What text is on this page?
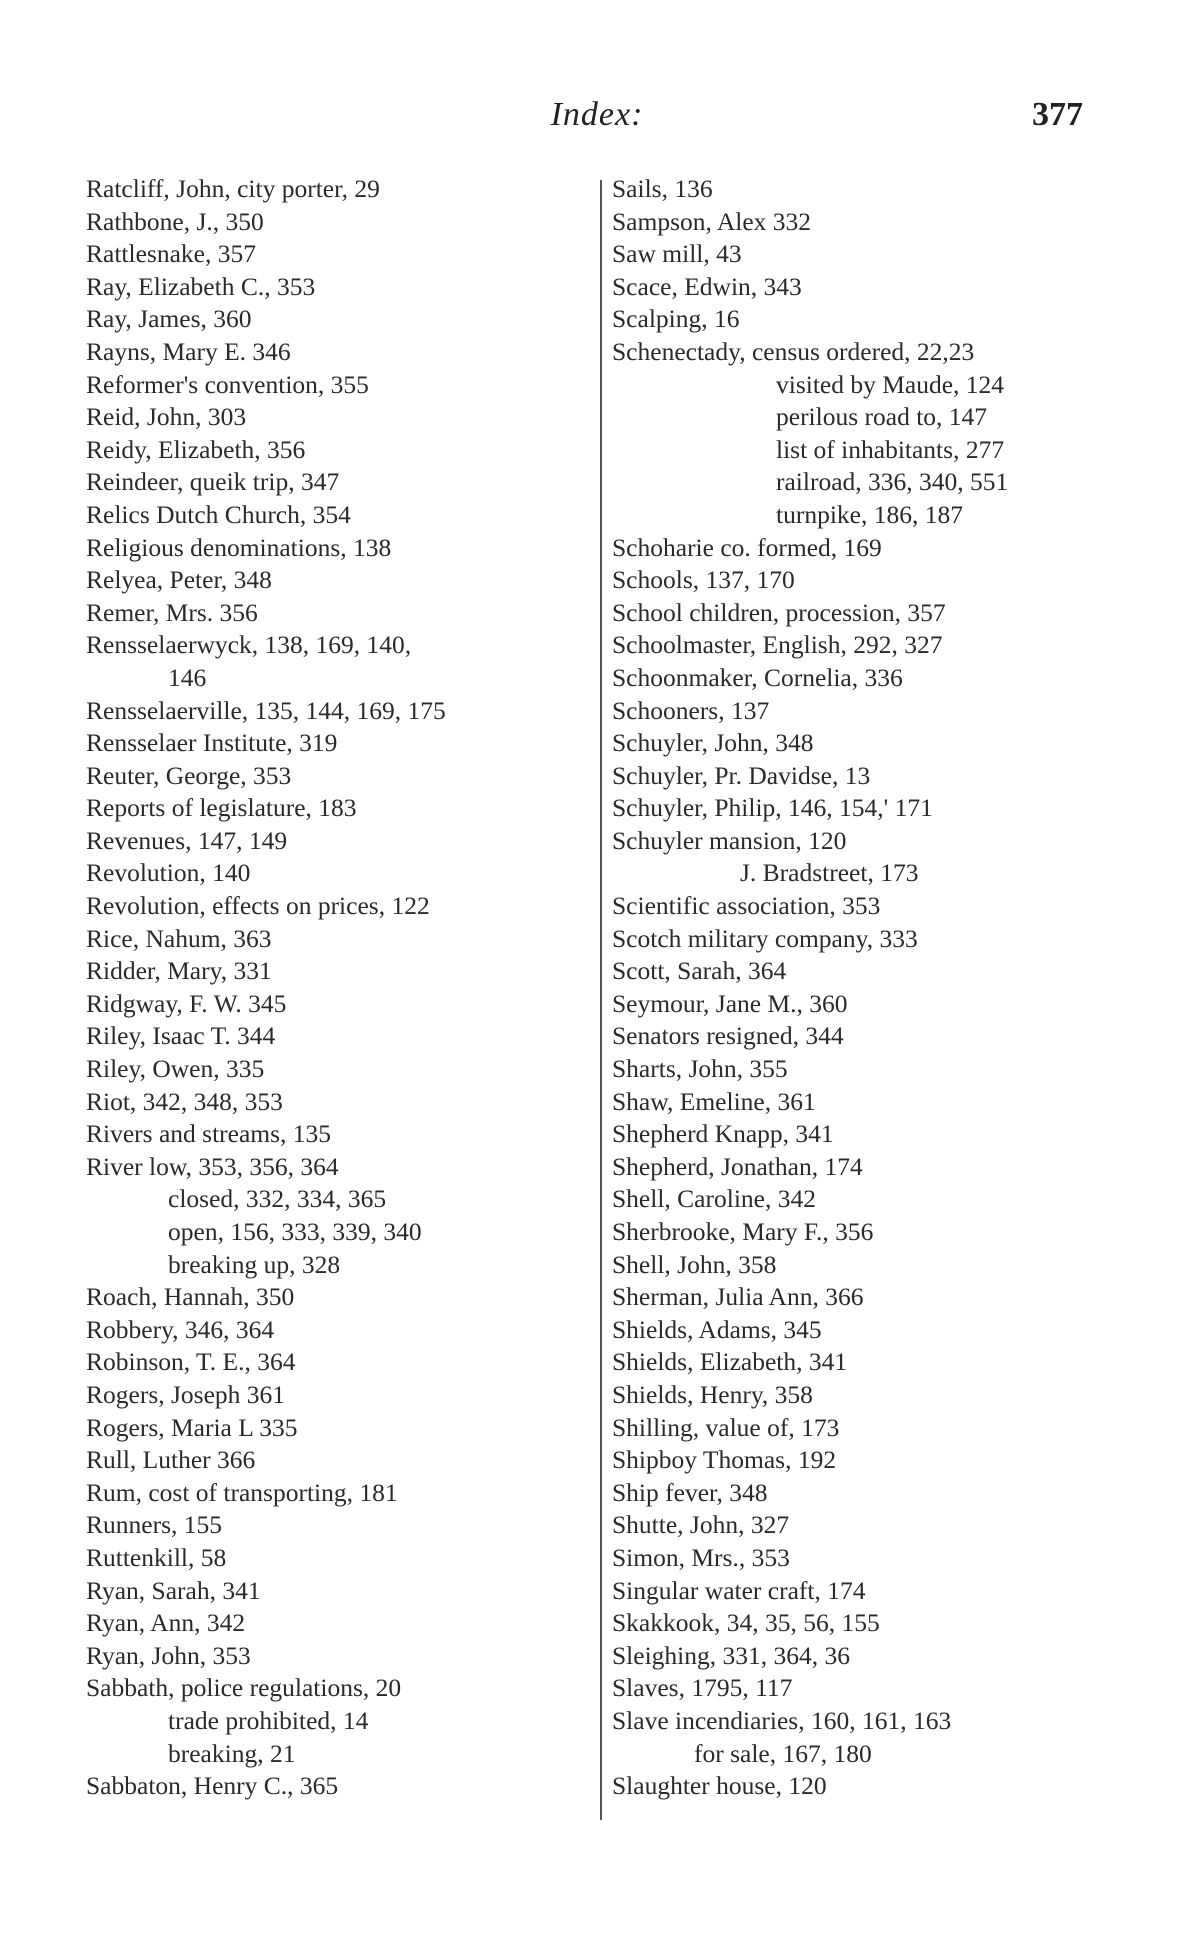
Index:	377
Ratcliff, John, city porter, 29
Rathbone, J., 350
Rattlesnake, 357
Ray, Elizabeth C., 353
Ray, James, 360
Rayns, Mary E. 346
Reformer's convention, 355
Reid, John, 303
Reidy, Elizabeth, 356
Reindeer, queik trip, 347
Relics Dutch Church, 354
Religious denominations, 138
Relyea, Peter, 348
Remer, Mrs. 356
Rensselaerwyck, 138, 169, 140,
146
Rensselaerville, 135, 144, 169, 175
Rensselaer Institute, 319
Reuter, George, 353
Reports of legislature, 183
Revenues, 147, 149
Revolution, 140
Revolution, effects on prices, 122
Rice, Nahum, 363
Ridder, Mary, 331
Ridgway, F. W. 345
Riley, Isaac T. 344
Riley, Owen, 335
Riot, 342, 348, 353
Rivers and streams, 135
River low, 353, 356, 364
closed, 332, 334, 365
open, 156, 333, 339, 340
breaking up, 328
Roach, Hannah, 350
Robbery, 346, 364
Robinson, T. E., 364
Rogers, Joseph 361
Rogers, Maria L 335
Rull, Luther 366
Rum, cost of transporting, 181
Runners, 155
Ruttenkill, 58
Ryan, Sarah, 341
Ryan, Ann, 342
Ryan, John, 353
Sabbath, police regulations, 20
trade prohibited, 14
breaking, 21
Sabbaton, Henry C., 365
Sails, 136
Sampson, Alex 332
Saw mill, 43
Scace, Edwin, 343
Scalping, 16
Schenectady, census ordered, 22,23
visited by Maude, 124
perilous road to, 147
list of inhabitants, 277
railroad, 336, 340, 551
turnpike, 186, 187
Schoharie co. formed, 169
Schools, 137, 170
School children, procession, 357
Schoolmaster, English, 292, 327
Schoonmaker, Cornelia, 336
Schooners, 137
Schuyler, John, 348
Schuyler, Pr. Davidse, 13
Schuyler, Philip, 146, 154,' 171
Schuyler mansion, 120
J. Bradstreet, 173
Scientific association, 353
Scotch military company, 333
Scott, Sarah, 364
Seymour, Jane M., 360
Senators resigned, 344
Sharts, John, 355
Shaw, Emeline, 361
Shepherd Knapp, 341
Shepherd, Jonathan, 174
Shell, Caroline, 342
Sherbrooke, Mary F., 356
Shell, John, 358
Sherman, Julia Ann, 366
Shields, Adams, 345
Shields, Elizabeth, 341
Shields, Henry, 358
Shilling, value of, 173
Shipboy Thomas, 192
Ship fever, 348
Shutte, John, 327
Simon, Mrs., 353
Singular water craft, 174
Skakkook, 34, 35, 56, 155
Sleighing, 331, 364, 36
Slaves, 1795, 117
Slave incendiaries, 160, 161, 163
for sale, 167, 180
Slaughter house, 120
